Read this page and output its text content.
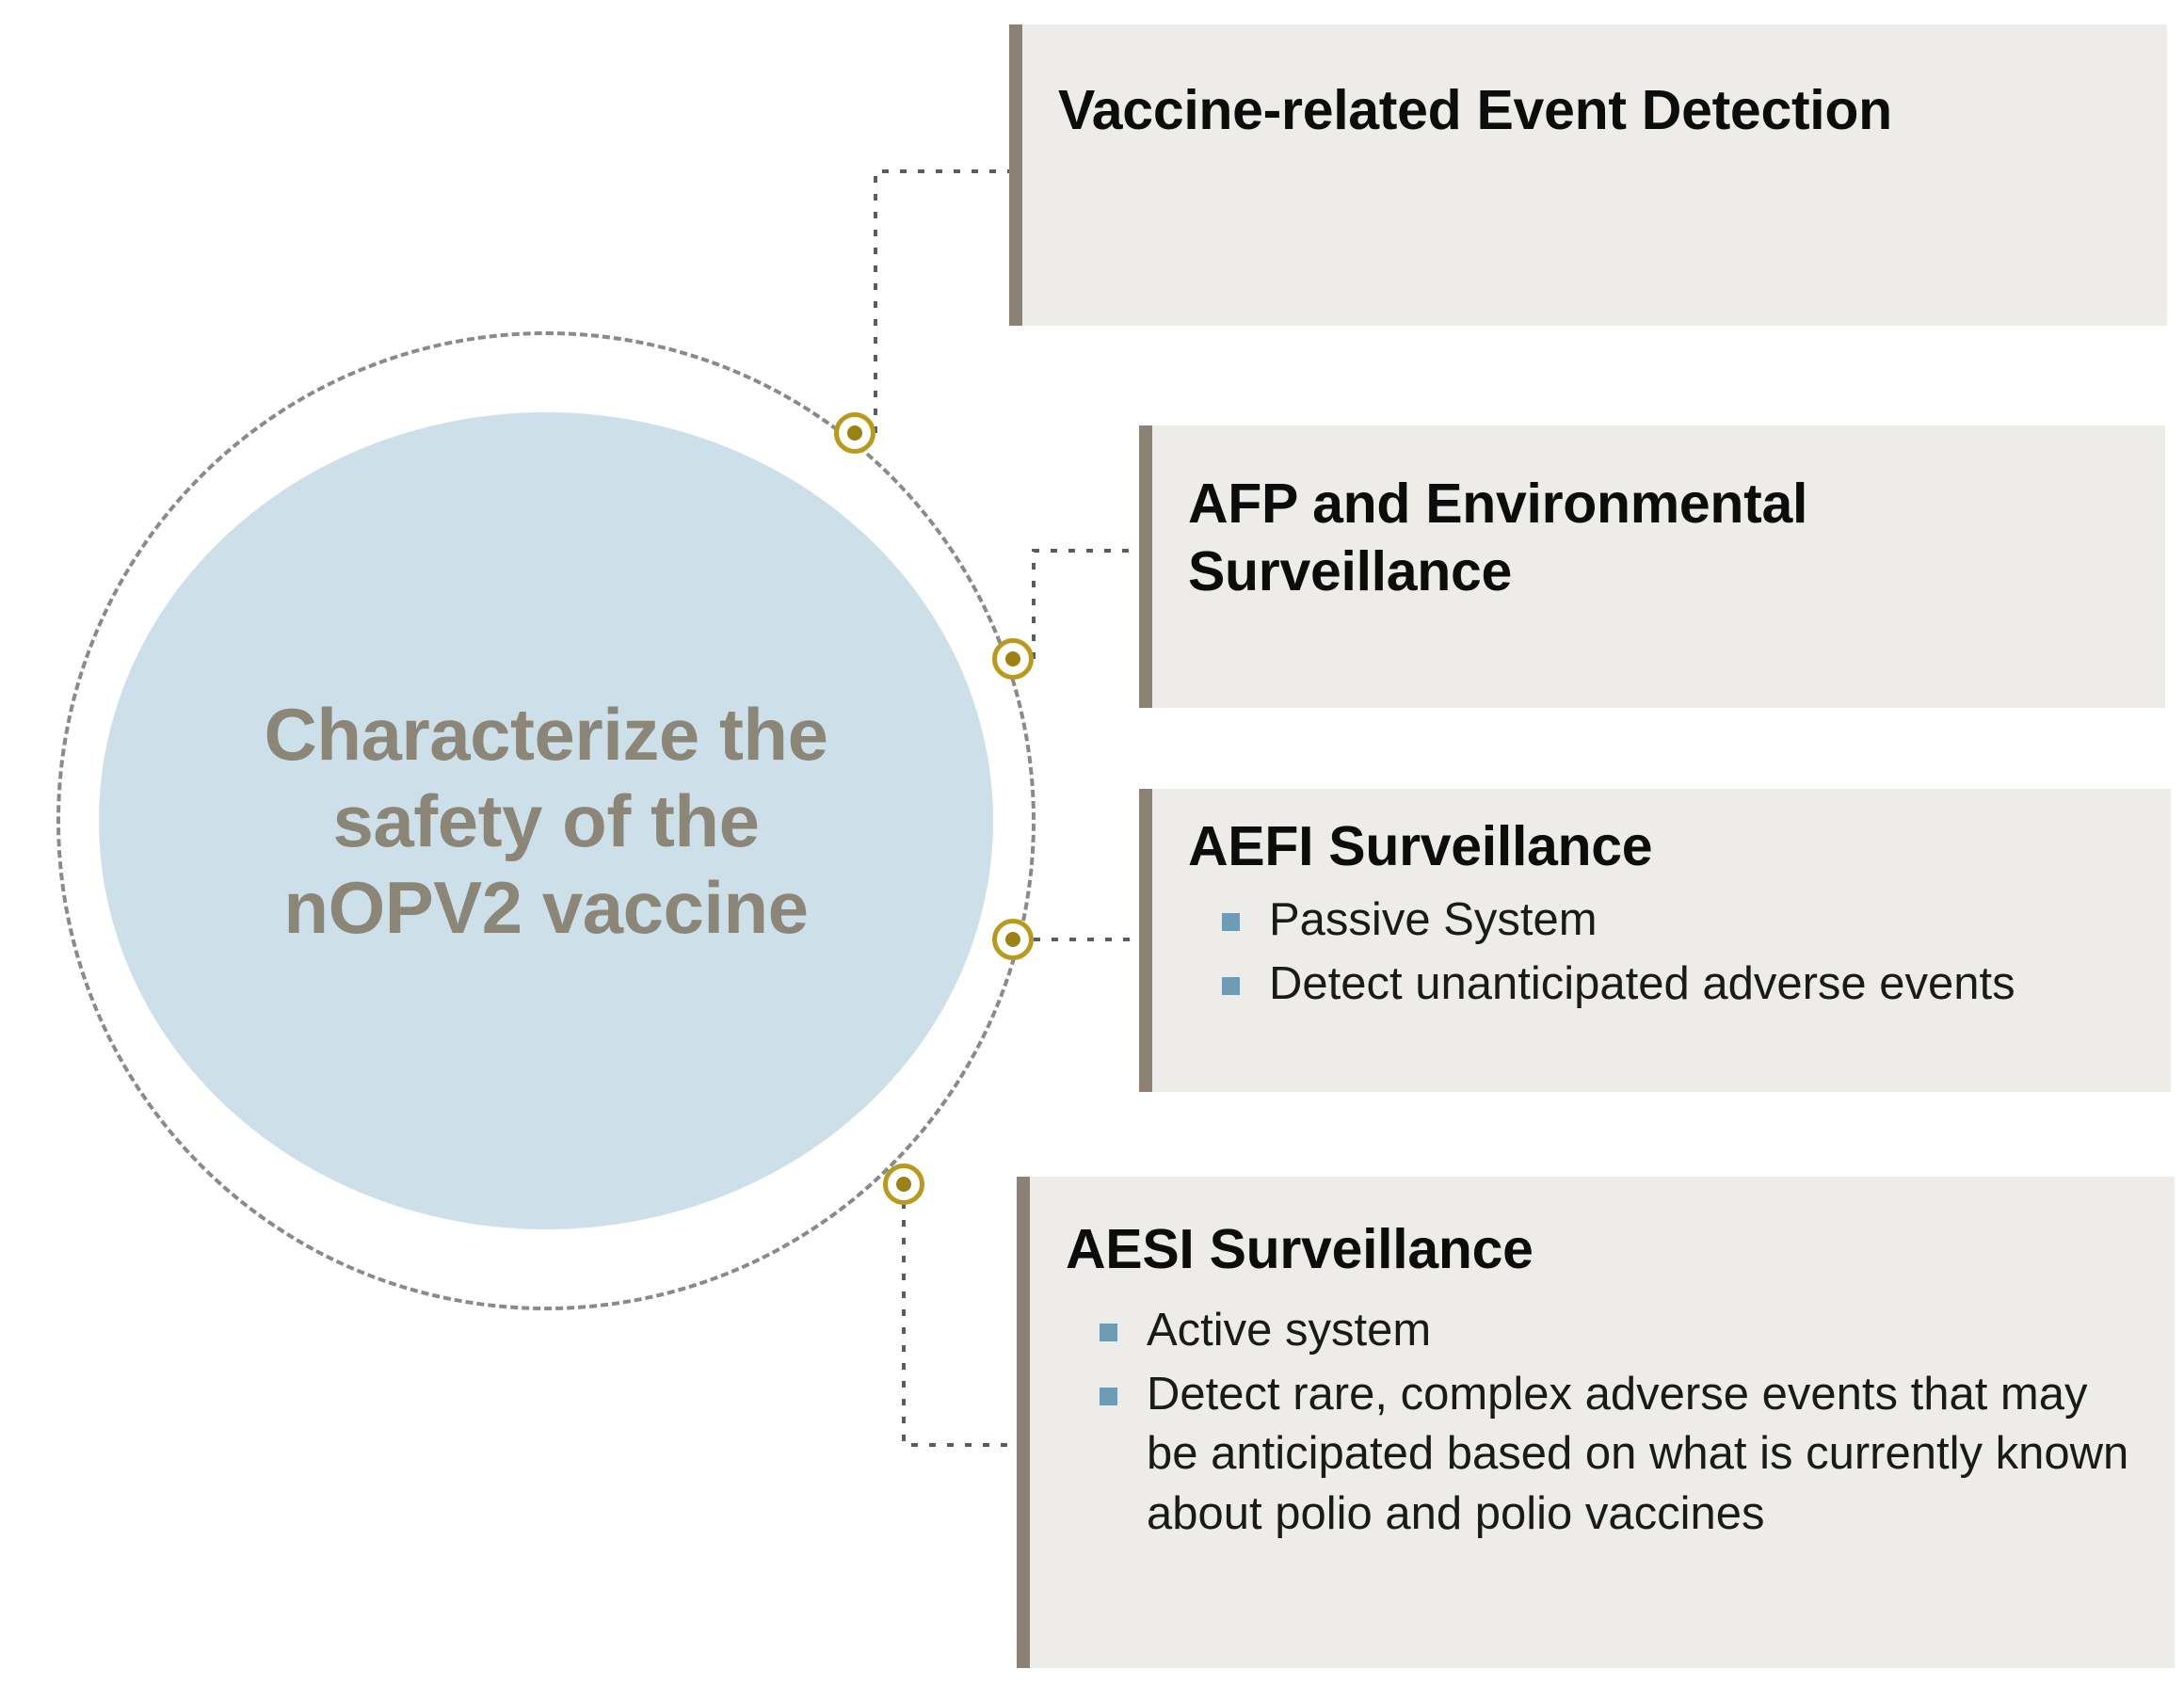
Characterize the safety of the nOPV2 vaccine
Vaccine-related Event Detection
AFP and Environmental Surveillance
AEFI Surveillance
Passive System
Detect unanticipated adverse events
AESI Surveillance
Active system
Detect rare, complex adverse events that may be anticipated based on what is currently known about polio and polio vaccines
